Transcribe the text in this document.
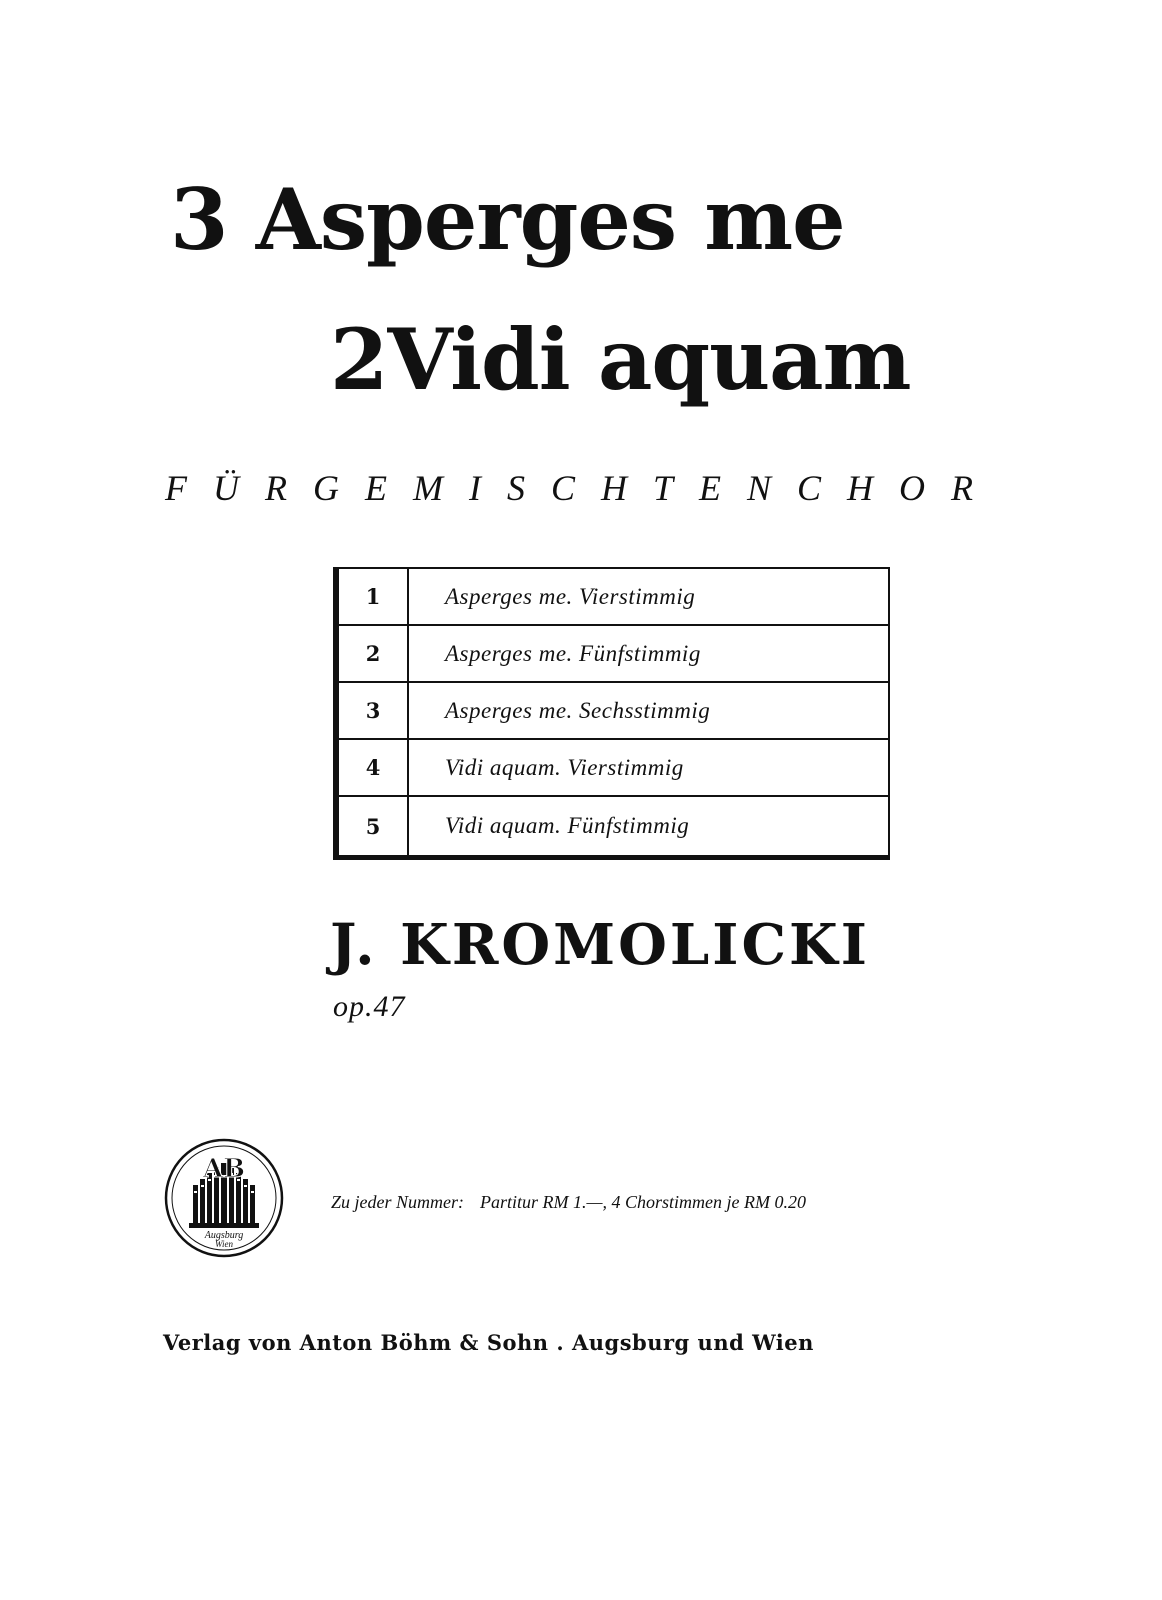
3 Asperges me
2Vidi aquam
FÜR GEMISCHTEN CHOR
1	Asperges me. Vierstimmig
2	Asperges me. Fünfstimmig
3	Asperges me. Sechsstimmig
4	Vidi aquam. Vierstimmig
5	Vidi aquam. Fünfstimmig
J. KROMOLICKI
op.47
AB
Augsburg
Wien
Zu jeder Nummer: Partitur RM 1.—, 4 Chorstimmen je RM 0.20
Verlag von Anton Böhm & Sohn . Augsburg und Wien
